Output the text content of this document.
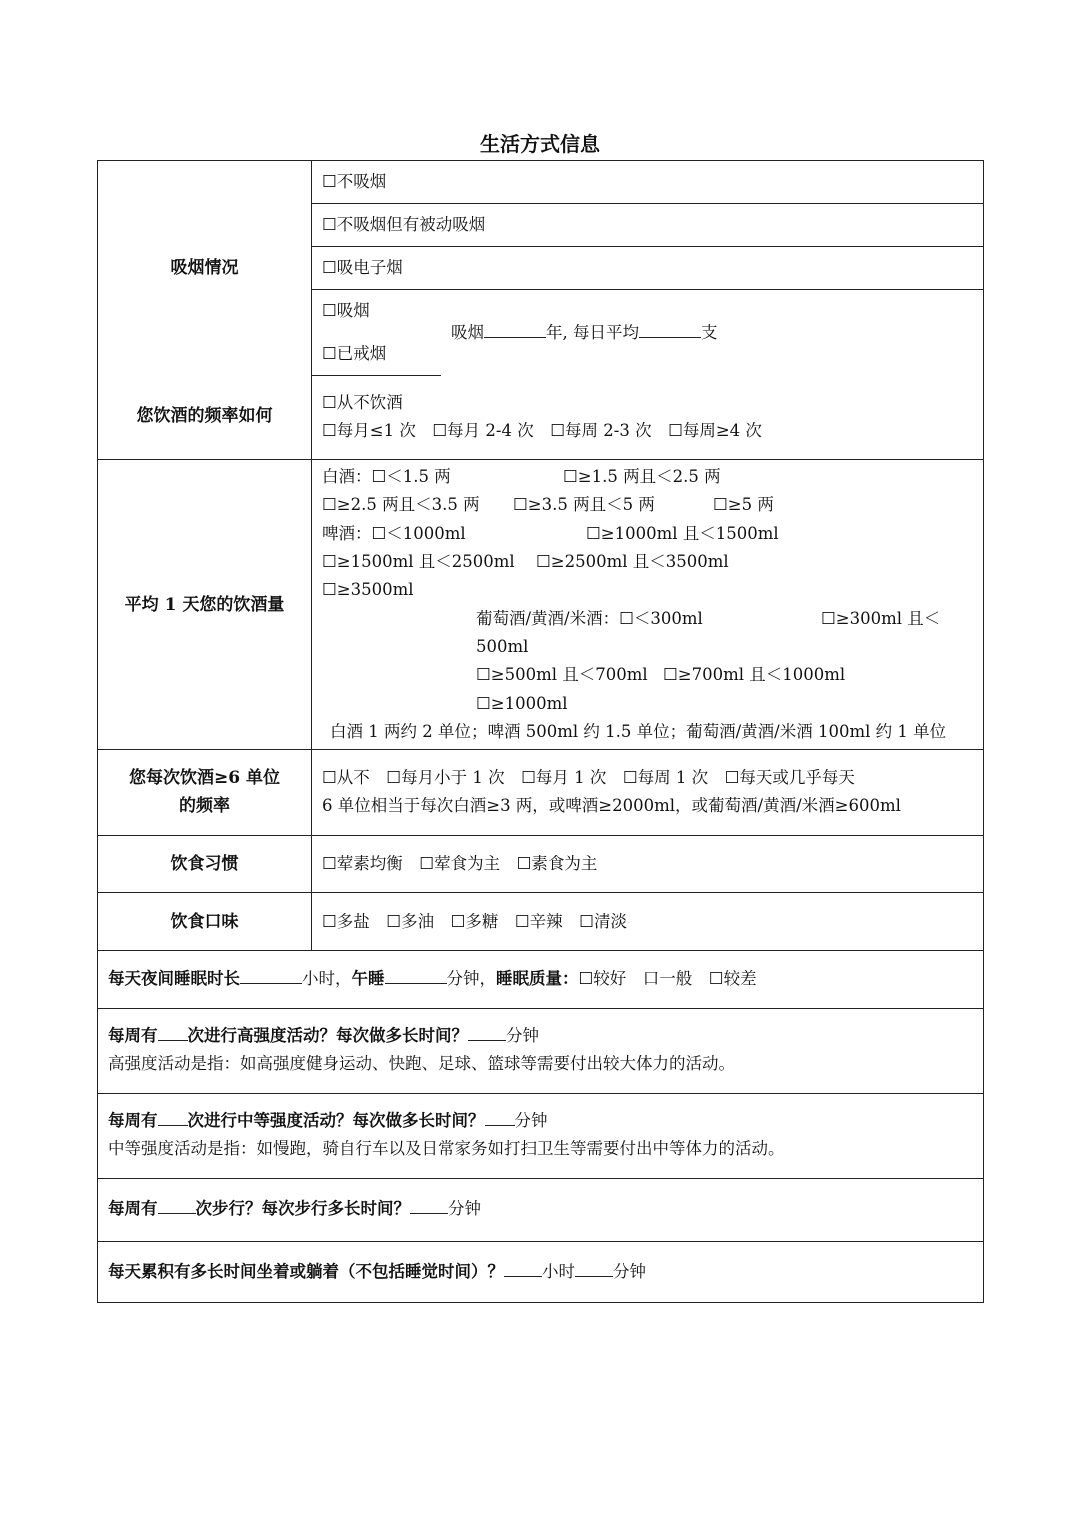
生活方式信息
吸烟情况
☐不吸烟
☐不吸烟但有被动吸烟
☐吸电子烟
☐吸烟
☐已戒烟
吸烟	年, 每日平均	支
您饮酒的频率如何
☐从不饮酒
☐每月≤1 次　☐每月 2-4 次　☐每周 2-3 次　☐每周≥4 次
平均 1 天您的饮酒量
白酒：☐＜1.5 两	☐≥1.5 两且＜2.5 两
☐≥2.5 两且＜3.5 两 ☐≥3.5 两且＜5 两	☐≥5 两
啤酒：☐＜1000ml	☐≥1000ml 且＜1500ml
☐≥1500ml 且＜2500ml ☐≥2500ml 且＜3500ml
☐≥3500ml
葡萄酒/黄酒/米酒：☐＜300ml	☐≥300ml 且＜
500ml
☐≥500ml 且＜700ml ☐≥700ml 且＜1000ml
☐≥1000ml
白酒 1 两约 2 单位；啤酒 500ml 约 1.5 单位；葡萄酒/黄酒/米酒 100ml 约 1 单位
您每次饮酒≥6 单位
的频率
☐从不　☐每月小于 1 次　☐每月 1 次　☐每周 1 次　☐每天或几乎每天
6 单位相当于每次白酒≥3 两，或啤酒≥2000ml，或葡萄酒/黄酒/米酒≥600ml
饮食习惯	☐荤素均衡　☐荤食为主　☐素食为主
饮食口味	☐多盐　☐多油　☐多糖　☐辛辣　☐清淡
每天夜间睡眠时长	小时，午睡	分钟，睡眠质量：☐较好　口一般　☐较差
每周有 次进行高强度活动？每次做多长时间？ 分钟
高强度活动是指：如高强度健身运动、快跑、足球、篮球等需要付出较大体力的活动。
每周有 次进行中等强度活动？每次做多长时间？ 分钟
中等强度活动是指：如慢跑，骑自行车以及日常家务如打扫卫生等需要付出中等体力的活动。
每周有 次步行？每次步行多长时间？ 分钟
每天累积有多长时间坐着或躺着（不包括睡觉时间）？ 小时 分钟
